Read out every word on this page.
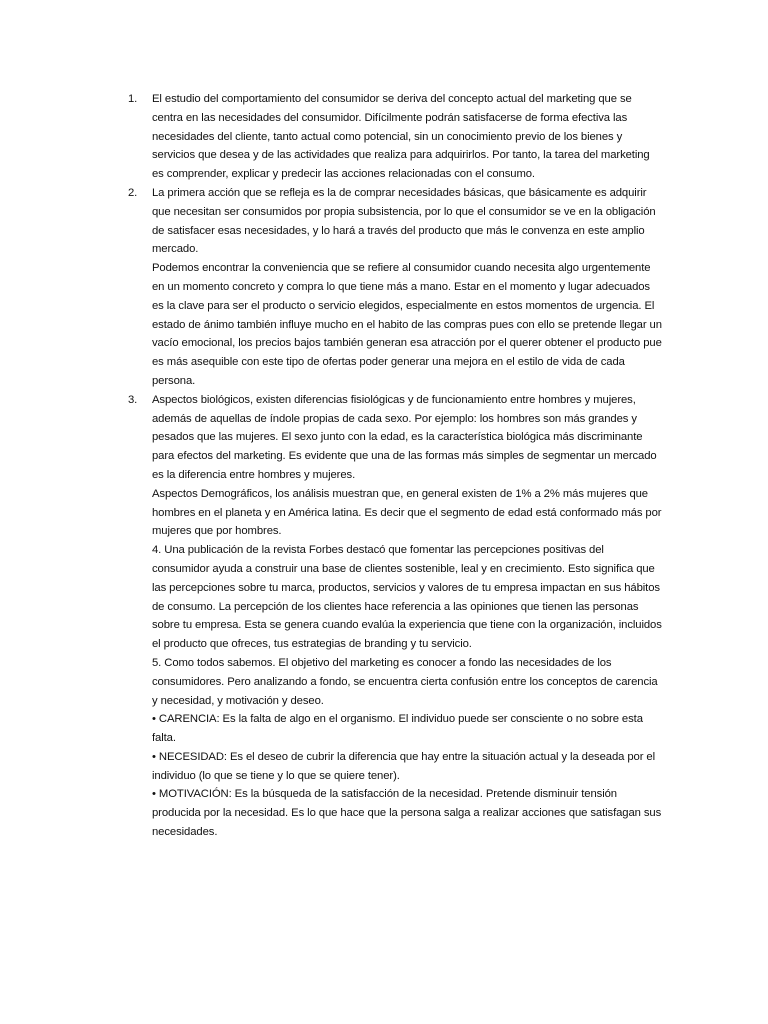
1. El estudio del comportamiento del consumidor se deriva del concepto actual del marketing que se centra en las necesidades del consumidor. Difícilmente podrán satisfacerse de forma efectiva las necesidades del cliente, tanto actual como potencial, sin un conocimiento previo de los bienes y servicios que desea y de las actividades que realiza para adquirirlos. Por tanto, la tarea del marketing es comprender, explicar y predecir las acciones relacionadas con el consumo.

2. La primera acción que se refleja es la de comprar necesidades básicas, que básicamente es adquirir que necesitan ser consumidos por propia subsistencia, por lo que el consumidor se ve en la obligación de satisfacer esas necesidades, y lo hará a través del producto que más le convenza en este amplio mercado.

Podemos encontrar la conveniencia que se refiere al consumidor cuando necesita algo urgentemente en un momento concreto y compra lo que tiene más a mano. Estar en el momento y lugar adecuados es la clave para ser el producto o servicio elegidos, especialmente en estos momentos de urgencia. El estado de ánimo también influye mucho en el habito de las compras pues con ello se pretende llegar un vacío emocional, los precios bajos también generan esa atracción por el querer obtener el producto pue es más asequible con este tipo de ofertas poder generar una mejora en el estilo de vida de cada persona.

3. Aspectos biológicos, existen diferencias fisiológicas y de funcionamiento entre hombres y mujeres, además de aquellas de índole propias de cada sexo. Por ejemplo: los hombres son más grandes y pesados que las mujeres. El sexo junto con la edad, es la característica biológica más discriminante para efectos del marketing. Es evidente que una de las formas más simples de segmentar un mercado es la diferencia entre hombres y mujeres.

Aspectos Demográficos, los análisis muestran que, en general existen de 1% a 2% más mujeres que hombres en el planeta y en América latina. Es decir que el segmento de edad está conformado más por mujeres que por hombres.

4. Una publicación de la revista Forbes destacó que fomentar las percepciones positivas del consumidor ayuda a construir una base de clientes sostenible, leal y en crecimiento. Esto significa que las percepciones sobre tu marca, productos, servicios y valores de tu empresa impactan en sus hábitos de consumo. La percepción de los clientes hace referencia a las opiniones que tienen las personas sobre tu empresa. Esta se genera cuando evalúa la experiencia que tiene con la organización, incluidos el producto que ofreces, tus estrategias de branding y tu servicio.

5. Como todos sabemos. El objetivo del marketing es conocer a fondo las necesidades de los consumidores. Pero analizando a fondo, se encuentra cierta confusión entre los conceptos de carencia y necesidad, y motivación y deseo.

• CARENCIA: Es la falta de algo en el organismo. El individuo puede ser consciente o no sobre esta falta.

• NECESIDAD: Es el deseo de cubrir la diferencia que hay entre la situación actual y la deseada por el individuo (lo que se tiene y lo que se quiere tener).

• MOTIVACIÓN: Es la búsqueda de la satisfacción de la necesidad. Pretende disminuir tensión producida por la necesidad. Es lo que hace que la persona salga a realizar acciones que satisfagan sus necesidades.
